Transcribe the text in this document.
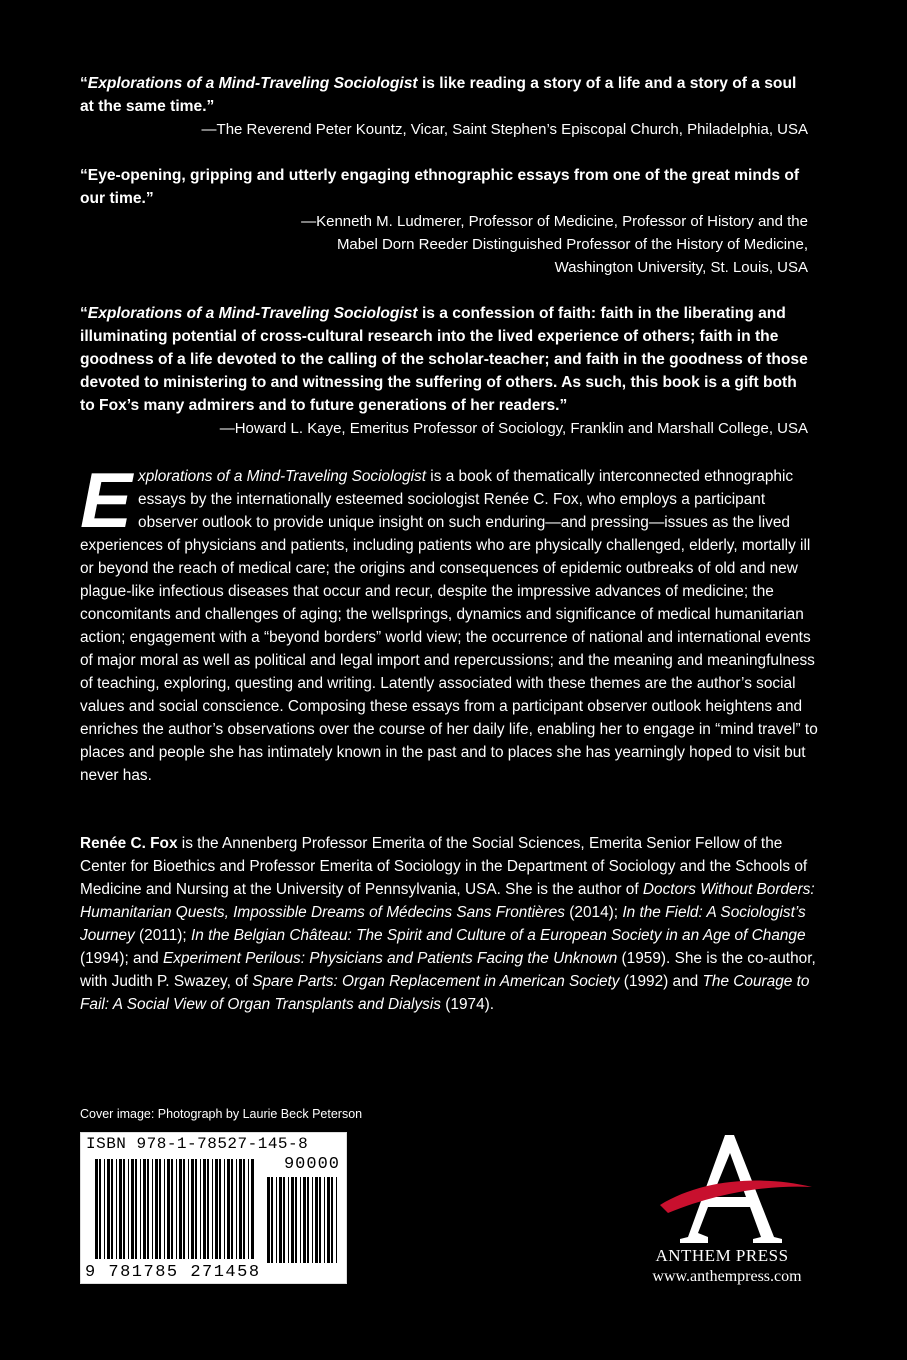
“Explorations of a Mind-Traveling Sociologist is like reading a story of a life and a story of a soul at the same time.”
—The Reverend Peter Kountz, Vicar, Saint Stephen’s Episcopal Church, Philadelphia, USA
“Eye-opening, gripping and utterly engaging ethnographic essays from one of the great minds of our time.”
—Kenneth M. Ludmerer, Professor of Medicine, Professor of History and the
Mabel Dorn Reeder Distinguished Professor of the History of Medicine,
Washington University, St. Louis, USA
“Explorations of a Mind-Traveling Sociologist is a confession of faith: faith in the liberating and illuminating potential of cross-cultural research into the lived experience of others; faith in the goodness of a life devoted to the calling of the scholar-teacher; and faith in the goodness of those devoted to ministering to and witnessing the suffering of others. As such, this book is a gift both to Fox’s many admirers and to future generations of her readers.”
—Howard L. Kaye, Emeritus Professor of Sociology, Franklin and Marshall College, USA
Explorations of a Mind-Traveling Sociologist is a book of thematically interconnected ethnographic essays by the internationally esteemed sociologist Renée C. Fox, who employs a participant observer outlook to provide unique insight on such enduring—and pressing—issues as the lived experiences of physicians and patients, including patients who are physically challenged, elderly, mortally ill or beyond the reach of medical care; the origins and consequences of epidemic outbreaks of old and new plague-like infectious diseases that occur and recur, despite the impressive advances of medicine; the concomitants and challenges of aging; the wellsprings, dynamics and significance of medical humanitarian action; engagement with a “beyond borders” world view; the occurrence of national and international events of major moral as well as political and legal import and repercussions; and the meaning and meaningfulness of teaching, exploring, questing and writing. Latently associated with these themes are the author’s social values and social conscience. Composing these essays from a participant observer outlook heightens and enriches the author’s observations over the course of her daily life, enabling her to engage in “mind travel” to places and people she has intimately known in the past and to places she has yearningly hoped to visit but never has.
Renée C. Fox is the Annenberg Professor Emerita of the Social Sciences, Emerita Senior Fellow of the Center for Bioethics and Professor Emerita of Sociology in the Department of Sociology and the Schools of Medicine and Nursing at the University of Pennsylvania, USA. She is the author of Doctors Without Borders: Humanitarian Quests, Impossible Dreams of Médecins Sans Frontières (2014); In the Field: A Sociologist’s Journey (2011); In the Belgian Château: The Spirit and Culture of a European Society in an Age of Change (1994); and Experiment Perilous: Physicians and Patients Facing the Unknown (1959). She is the co-author, with Judith P. Swazey, of Spare Parts: Organ Replacement in American Society (1992) and The Courage to Fail: A Social View of Organ Transplants and Dialysis (1974).
Cover image: Photograph by Laurie Beck Peterson
ISBN 978-1-78527-145-8
90000
9 781785 271458
ANTHEM PRESS
www.anthempress.com
